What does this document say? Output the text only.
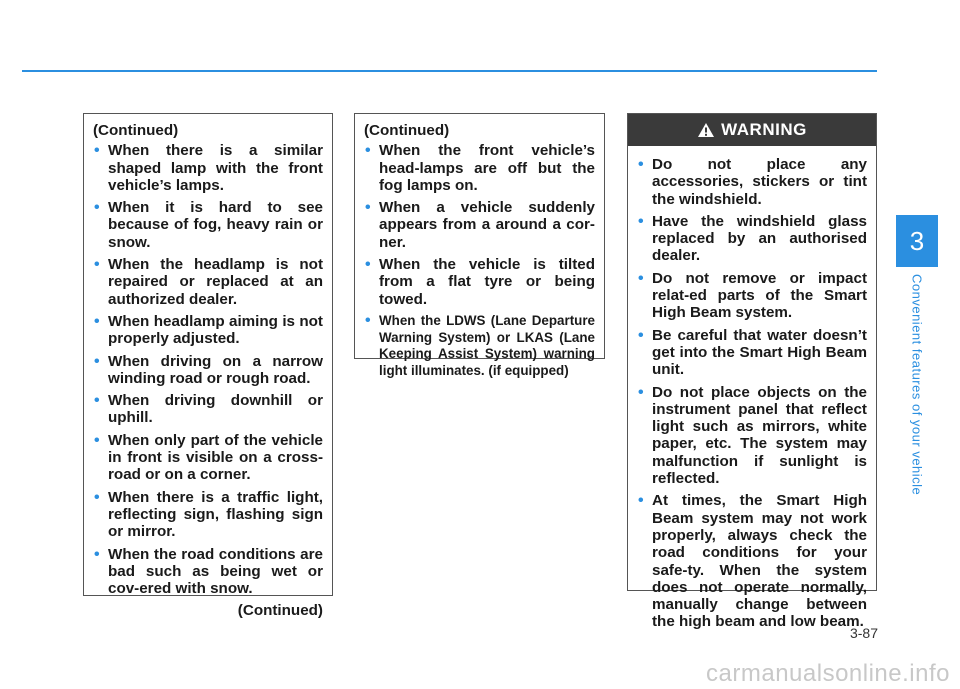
(Continued)

• When there is a similar shaped lamp with the front vehicle’s lamps.
• When it is hard to see because of fog, heavy rain or snow.
• When the headlamp is not repaired or replaced at an authorized dealer.
• When headlamp aiming is not properly adjusted.
• When driving on a narrow winding road or rough road.
• When driving downhill or uphill.
• When only part of the vehicle in front is visible on a cross-road or on a corner.
• When there is a traffic light, reflecting sign, flashing sign or mirror.
• When the road conditions are bad such as being wet or cov-ered with snow.

(Continued)

(Continued)

• When the front vehicle’s head-lamps are off but the fog lamps on.
• When a vehicle suddenly appears from a around a cor-ner.
• When the vehicle is tilted from a flat tyre or being towed.
• When the LDWS (Lane Departure Warning System) or LKAS (Lane Keeping Assist System) warning light illuminates. (if equipped)
WARNING
• Do not place any accessories, stickers or tint the windshield.
• Have the windshield glass replaced by an authorised dealer.
• Do not remove or impact relat-ed parts of the Smart High Beam system.
• Be careful that water doesn’t get into the Smart High Beam unit.
• Do not place objects on the instrument panel that reflect light such as mirrors, white paper, etc. The system may malfunction if sunlight is reflected.
• At times, the Smart High Beam system may not work properly, always check the road conditions for your safe-ty. When the system does not operate normally, manually change between the high beam and low beam.
3
Convenient features of your vehicle
3-87
carmanualsonline.info
